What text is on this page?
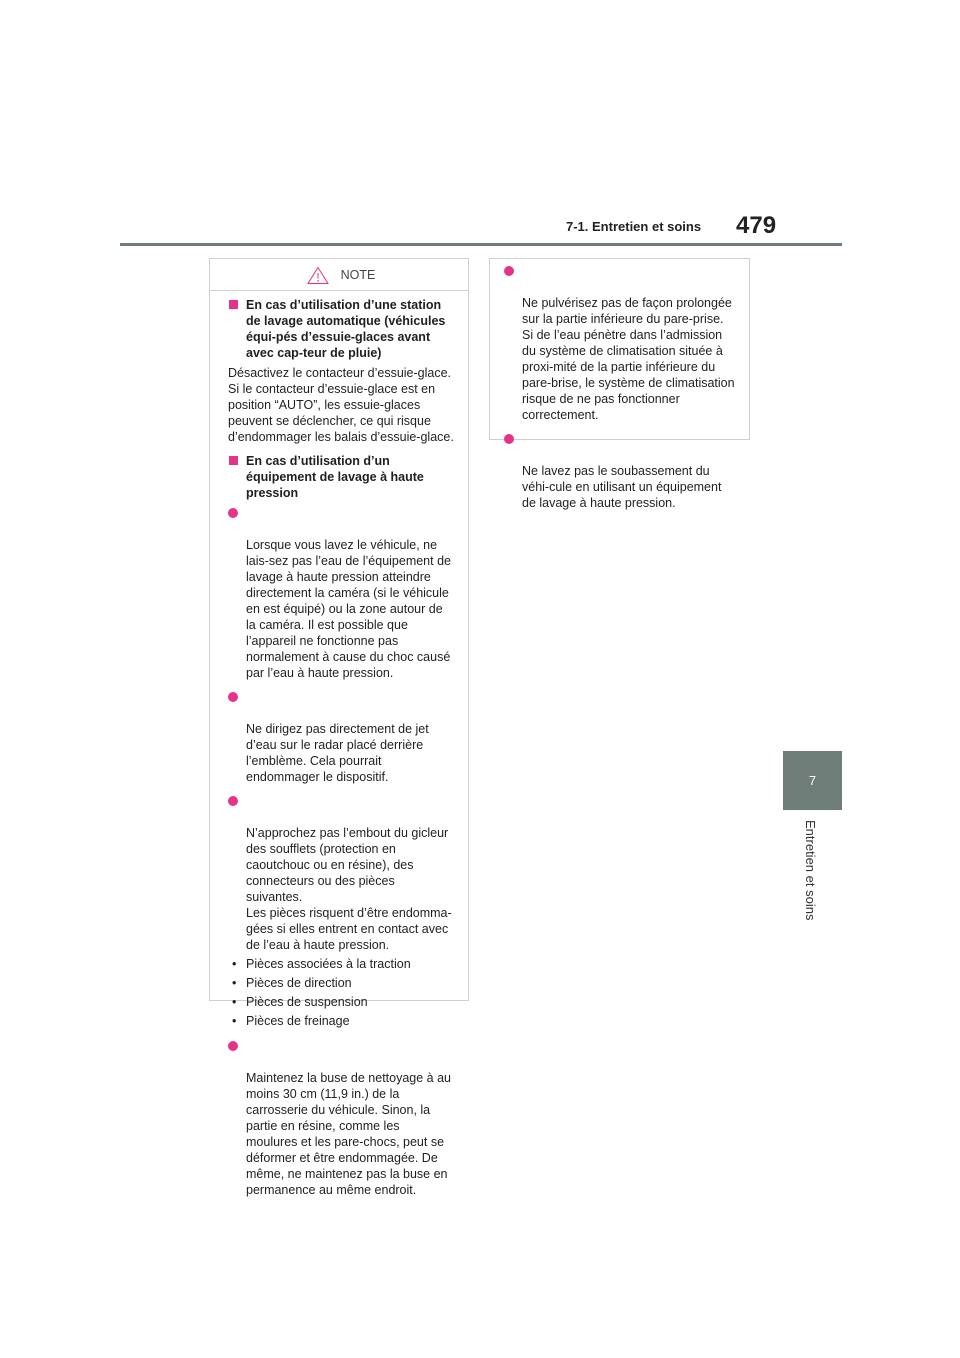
7-1. Entretien et soins 479
7
Entretien et soins
NOTE
En cas d’utilisation d’une station de lavage automatique (véhicules équi-pés d’essuie-glaces avant avec cap-teur de pluie)
Désactivez le contacteur d’essuie-glace.
Si le contacteur d’essuie-glace est en position “AUTO”, les essuie-glaces peuvent se déclencher, ce qui risque d’endommager les balais d’essuie-glace.
En cas d’utilisation d’un équipement de lavage à haute pression

Lorsque vous lavez le véhicule, ne lais-sez pas l’eau de l’équipement de lavage à haute pression atteindre directement la caméra (si le véhicule en est équipé) ou la zone autour de la caméra. Il est possible que l’appareil ne fonctionne pas normalement à cause du choc causé par l’eau à haute pression.

Ne dirigez pas directement de jet d’eau sur le radar placé derrière l’emblème. Cela pourrait endommager le dispositif.

N’approchez pas l’embout du gicleur des soufflets (protection en caoutchouc ou en résine), des connecteurs ou des pièces suivantes.
Les pièces risquent d’être endomma-gées si elles entrent en contact avec de l’eau à haute pression.

• Pièces associées à la traction
• Pièces de direction
• Pièces de suspension
• Pièces de freinage

Maintenez la buse de nettoyage à au moins 30 cm (11,9 in.) de la carrosserie du véhicule. Sinon, la partie en résine, comme les moulures et les pare-chocs, peut se déformer et être endommagée. De même, ne maintenez pas la buse en permanence au même endroit.

Ne pulvérisez pas de façon prolongée sur la partie inférieure du pare-prise. Si de l’eau pénètre dans l’admission du système de climatisation située à proxi-mité de la partie inférieure du pare-brise, le système de climatisation risque de ne pas fonctionner correctement.

Ne lavez pas le soubassement du véhi-cule en utilisant un équipement de lavage à haute pression.
